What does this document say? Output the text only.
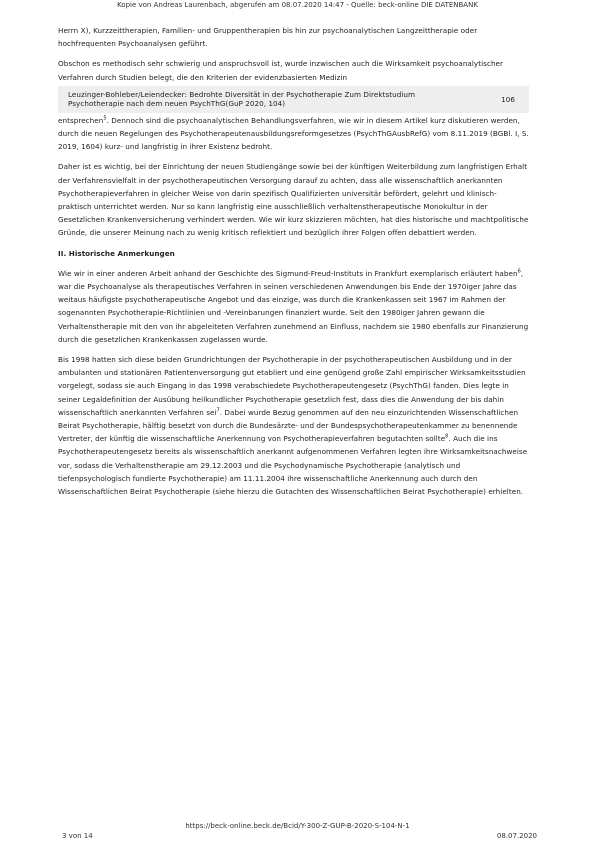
Kopie von Andreas Laurenbach, abgerufen am 08.07.2020 14:47 - Quelle: beck-online DIE DATENBANK

Herrn X), Kurzzeittherapien, Familien- und Gruppentherapien bis hin zur psychoanalytischen Langzeittherapie oder hochfrequenten Psychoanalysen geführt.

Obschon es methodisch sehr schwierig und anspruchsvoll ist, wurde inzwischen auch die Wirksamkeit psychoanalytischer Verfahren durch Studien belegt, die den Kriterien der evidenzbasierten Medizin

Leuzinger-Bohleber/Leiendecker: Bedrohte Diversität in der Psychotherapie Zum Direktstudium Psychotherapie nach dem neuen PsychThG(GuP 2020, 104)
106

entsprechen$^5$. Dennoch sind die psychoanalytischen Behandlungsverfahren, wie wir in diesem Artikel kurz diskutieren werden, durch die neuen Regelungen des Psychotherapeutenausbildungsreformgesetzes (PsychThGAusbRefG) vom 8.11.2019 (BGBl. I, S. 2019, 1604) kurz- und langfristig in ihrer Existenz bedroht.

Daher ist es wichtig, bei der Einrichtung der neuen Studiengänge sowie bei der künftigen Weiterbildung zum langfristigen Erhalt der Verfahrensvielfalt in der psychotherapeutischen Versorgung darauf zu achten, dass alle wissenschaftlich anerkannten Psychotherapieverfahren in gleicher Weise von darin spezifisch Qualifizierten universitär befördert, gelehrt und klinisch-praktisch unterrichtet werden. Nur so kann langfristig eine ausschließlich verhaltenstherapeutische Monokultur in der Gesetzlichen Krankenversicherung verhindert werden. Wie wir kurz skizzieren möchten, hat dies historische und machtpolitische Gründe, die unserer Meinung nach zu wenig kritisch reflektiert und bezüglich ihrer Folgen offen debattiert werden.

II. Historische Anmerkungen

Wie wir in einer anderen Arbeit anhand der Geschichte des Sigmund-Freud-Instituts in Frankfurt exemplarisch erläutert haben$^6$, war die Psychoanalyse als therapeutisches Verfahren in seinen verschiedenen Anwendungen bis Ende der 1970iger Jahre das weitaus häufigste psychotherapeutische Angebot und das einzige, was durch die Krankenkassen seit 1967 im Rahmen der sogenannten Psychotherapie-Richtlinien und -Vereinbarungen finanziert wurde. Seit den 1980iger Jahren gewann die Verhaltenstherapie mit den von ihr abgeleiteten Verfahren zunehmend an Einfluss, nachdem sie 1980 ebenfalls zur Finanzierung durch die gesetzlichen Krankenkassen zugelassen wurde.

Bis 1998 hatten sich diese beiden Grundrichtungen der Psychotherapie in der psychotherapeutischen Ausbildung und in der ambulanten und stationären Patientenversorgung gut etabliert und eine genügend große Zahl empirischer Wirksamkeitsstudien vorgelegt, sodass sie auch Eingang in das 1998 verabschiedete Psychotherapeutengesetz (PsychThG) fanden. Dies legte in seiner Legaldefinition der Ausübung heilkundlicher Psychotherapie gesetzlich fest, dass dies die Anwendung der bis dahin wissenschaftlich anerkannten Verfahren sei$^7$. Dabei wurde Bezug genommen auf den neu einzurichtenden Wissenschaftlichen Beirat Psychotherapie, hälftig besetzt von durch die Bundesärzte- und der Bundespsychotherapeutenkammer zu benennende Vertreter, der künftig die wissenschaftliche Anerkennung von Psychotherapieverfahren begutachten sollte$^8$. Auch die ins Psychotherapeutengesetz bereits als wissenschaftlich anerkannt aufgenommenen Verfahren legten ihre Wirksamkeitsnachweise vor, sodass die Verhaltenstherapie am 29.12.2003 und die Psychodynamische Psychotherapie (analytisch und tiefenpsychologisch fundierte Psychotherapie) am 11.11.2004 ihre wissenschaftliche Anerkennung auch durch den Wissenschaftlichen Beirat Psychotherapie (siehe hierzu die Gutachten des Wissenschaftlichen Beirat Psychotherapie) erhielten.

https://beck-online.beck.de/Bcid/Y-300-Z-GUP-B-2020-S-104-N-1
3 von 14	08.07.2020
